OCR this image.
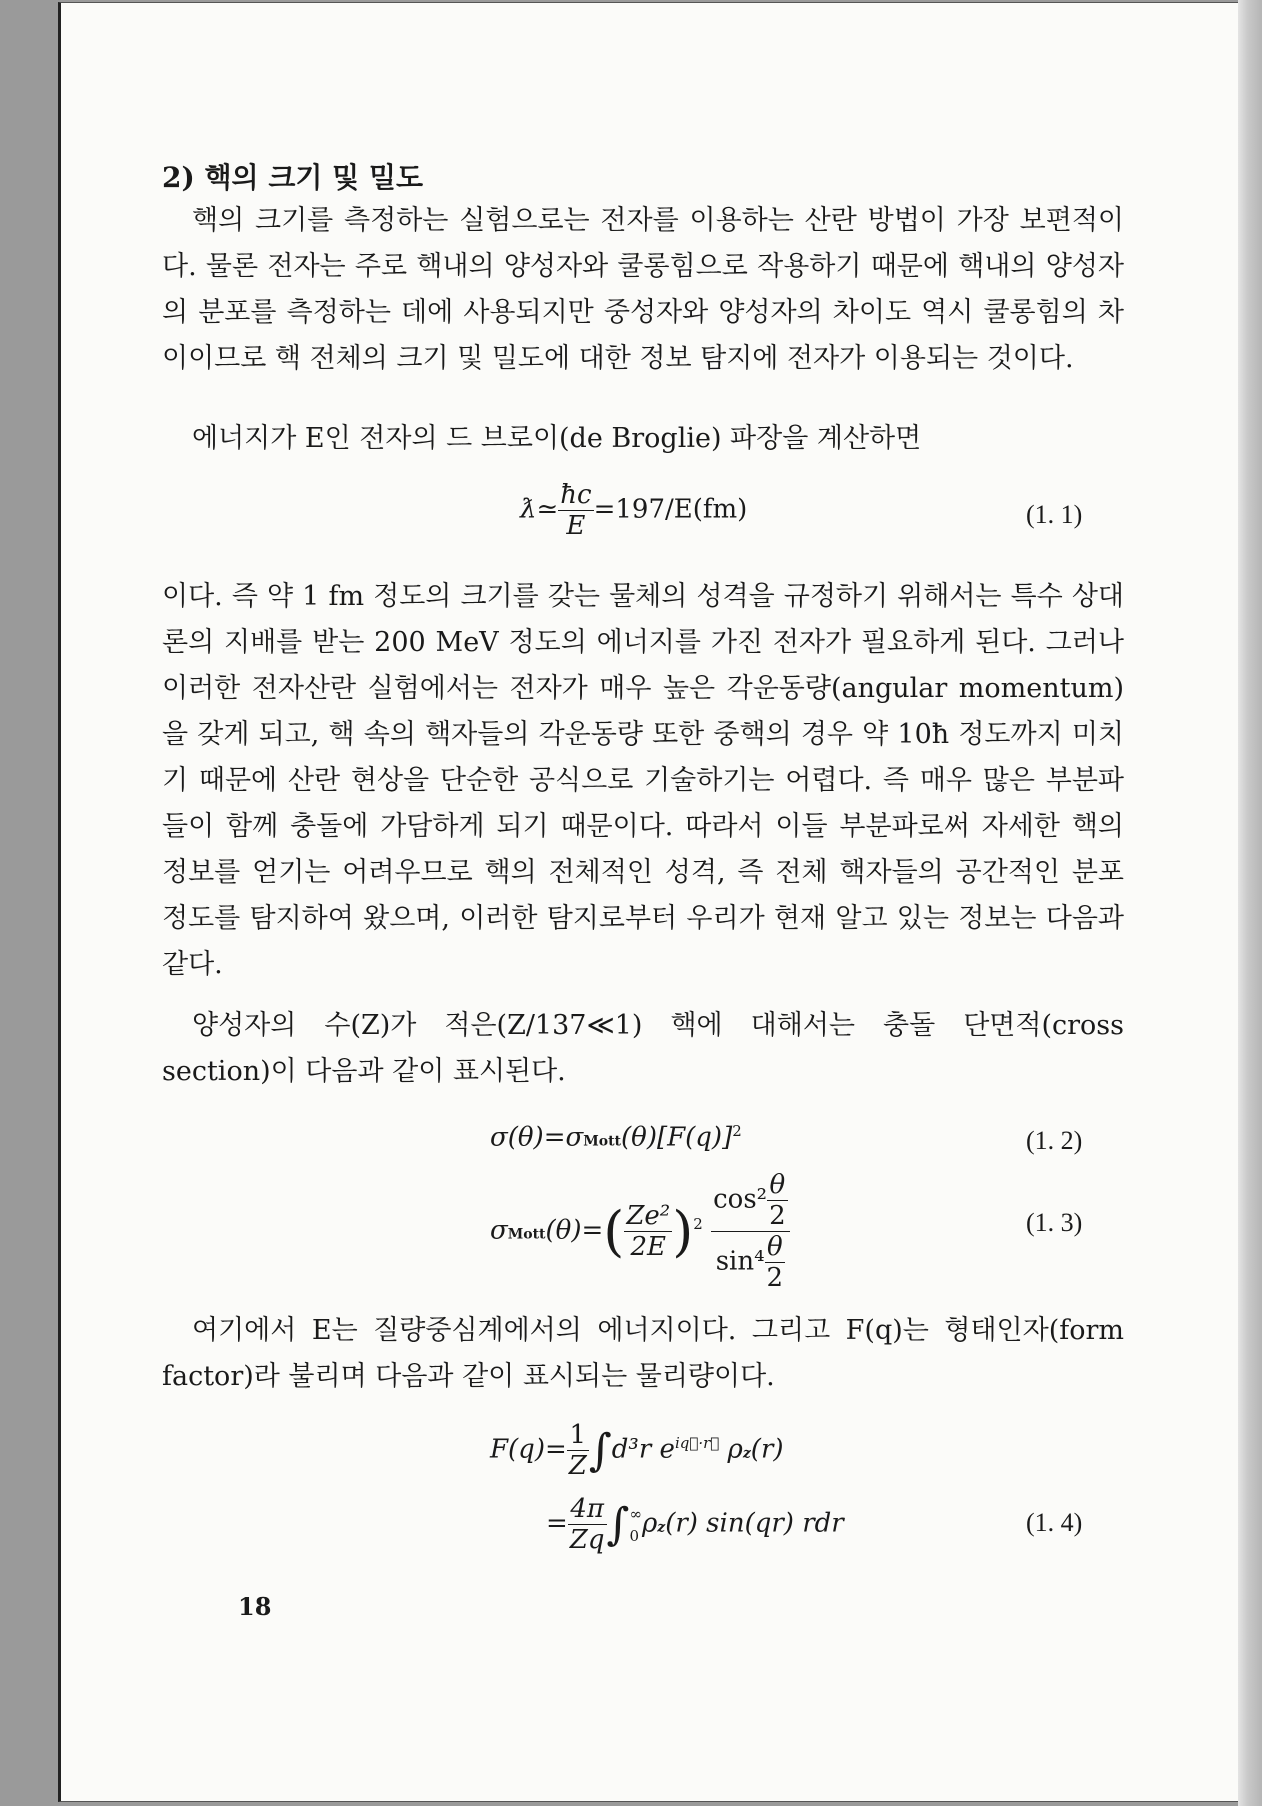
2) 핵의 크기 및 밀도
핵의 크기를 측정하는 실험으로는 전자를 이용하는 산란 방법이 가장 보편적이다. 물론 전자는 주로 핵내의 양성자와 쿨롱힘으로 작용하기 때문에 핵내의 양성자의 분포를 측정하는 데에 사용되지만 중성자와 양성자의 차이도 역시 쿨롱힘의 차이이므로 핵 전체의 크기 및 밀도에 대한 정보 탐지에 전자가 이용되는 것이다.
에너지가 E인 전자의 드 브로이(de Broglie) 파장을 계산하면
ƛ≃ $\frac{ħc}{E} =197/E(fm)$	(1. 1)
이다. 즉 약 1 fm 정도의 크기를 갖는 물체의 성격을 규정하기 위해서는 특수 상대론의 지배를 받는 200 MeV 정도의 에너지를 가진 전자가 필요하게 된다. 그러나 이러한 전자산란 실험에서는 전자가 매우 높은 각운동량(angular momentum)을 갖게 되고, 핵 속의 핵자들의 각운동량 또한 중핵의 경우 약 10ħ 정도까지 미치기 때문에 산란 현상을 단순한 공식으로 기술하기는 어렵다. 즉 매우 많은 부분파들이 함께 충돌에 가담하게 되기 때문이다. 따라서 이들 부분파로써 자세한 핵의 정보를 얻기는 어려우므로 핵의 전체적인 성격, 즉 전체 핵자들의 공간적인 분포 정도를 탐지하여 왔으며, 이러한 탐지로부터 우리가 현재 알고 있는 정보는 다음과 같다.
양성자의 수(Z)가 적은(Z/137≪1) 핵에 대해서는 충돌 단면적(cross section)이 다음과 같이 표시된다.
$\sigma(\theta)=\sigma Mott(\theta)[F(q)]^2$	(1. 2)
σMott(θ)=( $\frac{\text{Ze²}}{2E} )^2 \frac{\cos^2 \frac{\theta}{2}}{\sin^4 \frac{\theta}{2}}$	(1. 3)
여기에서 E는 질량중심계에서의 에너지이다. 그리고 F(q)는 형태인자(form factor)라 불리며 다음과 같이 표시되는 물리량이다.
$F(q)= \frac{1}{Z} \int d^3r$ $e^{iq⃗\cdot r⃗}$ ρz(r)
= $\frac{4\pi}{Zq}$ ∫ ∞
0 ρz(r) sin(qr) rdr	(1. 4)
18
